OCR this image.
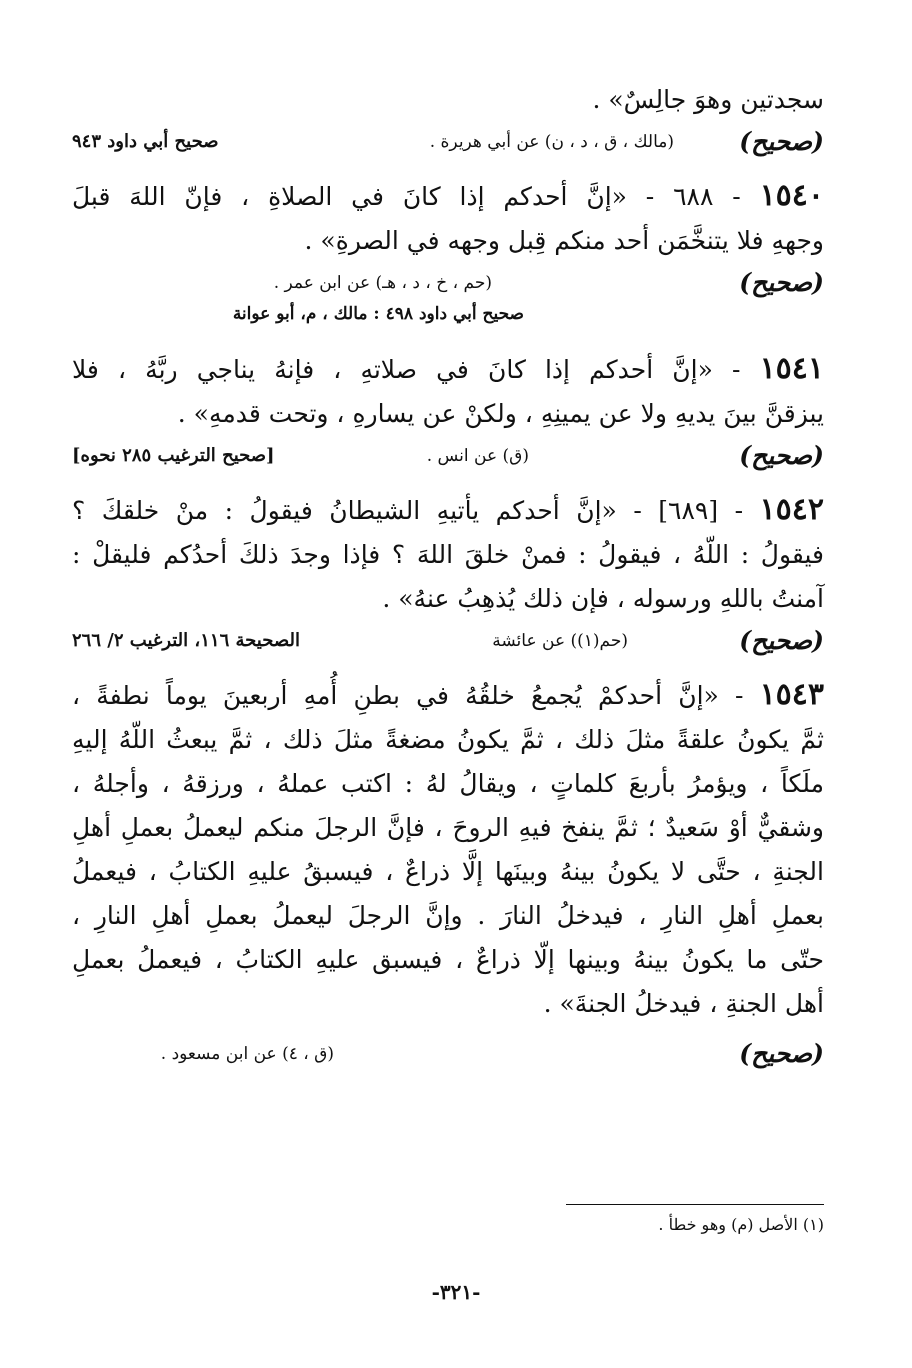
سجدتين وهوَ جالِسٌ» .
(صحيح)
(مالك ، ق ، د ، ن) عن أبي هريرة .
صحيح أبي داود ٩٤٣
١٥٤٠ - ٦٨٨ - «إنَّ أحدكم إذا كانَ في الصلاةِ ، فإنّ اللهَ قبلَ
وجههِ فلا يتنخَّمَن أحد منكم قِبل وجهه في الصرةِ» .
(صحيح)
(حم ، خ ، د ، هـ) عن ابن عمر .
صحيح أبي داود ٤٩٨ : مالك ، م، أبو عوانة
١٥٤١ - «إنَّ أحدكم إذا كانَ في صلاتهِ ، فإنهُ يناجي ربَّهُ ، فلا
يبزقنَّ بينَ يديهِ ولا عن يمينِهِ ، ولكنْ عن يسارهِ ، وتحت قدمهِ» .
(صحيح)
(ق) عن انس .
[صحيح الترغيب ٢٨٥ نحوه]
١٥٤٢ - [٦٨٩] - «إنَّ أحدكم يأتيهِ الشيطانُ فيقولُ : منْ خلقكَ ؟
فيقولُ : اللّهُ ، فيقولُ : فمنْ خلقَ اللهَ ؟ فإذا وجدَ ذلكَ أحدُكم فليقلْ :
آمنتُ باللهِ ورسوله ، فإن ذلك يُذهِبُ عنهُ» .
(صحيح)
(حم(١)) عن عائشة
الصحيحة ١١٦، الترغيب ٢/ ٢٦٦
١٥٤٣ - «إنَّ أحدكمْ يُجمعُ خلقُهُ في بطنِ أُمهِ أربعينَ يوماً نطفةً ،
ثمَّ يكونُ علقةً مثلَ ذلك ، ثمَّ يكونُ مضغةً مثلَ ذلك ، ثمَّ يبعثُ اللّهُ إليهِ
ملَكاً ، ويؤمرُ بأربعَ كلماتٍ ، ويقالُ لهُ : اكتب عملهُ ، ورزقهُ ، وأجلهُ ،
وشقيٌّ أوْ سَعيدٌ ؛ ثمَّ ينفخ فيهِ الروحَ ، فإنَّ الرجلَ منكم ليعملُ بعملِ أهلِ
الجنةِ ، حتَّى لا يكونُ بينهُ وبينَها إلَّا ذراعٌ ، فيسبقُ عليهِ الكتابُ ، فيعملُ
بعملِ أهلِ النارِ ، فيدخلُ النارَ . وإنَّ الرجلَ ليعملُ بعملِ أهلِ النارِ ،
حتّى ما يكونُ بينهُ وبينها إلّا ذراعٌ ، فيسبق عليهِ الكتابُ ، فيعملُ بعملِ
أهل الجنةِ ، فيدخلُ الجنةَ» .
(صحيح)
(ق ، ٤) عن ابن مسعود .
(١) الأصل (م) وهو خطأ .
-٣٢١-
